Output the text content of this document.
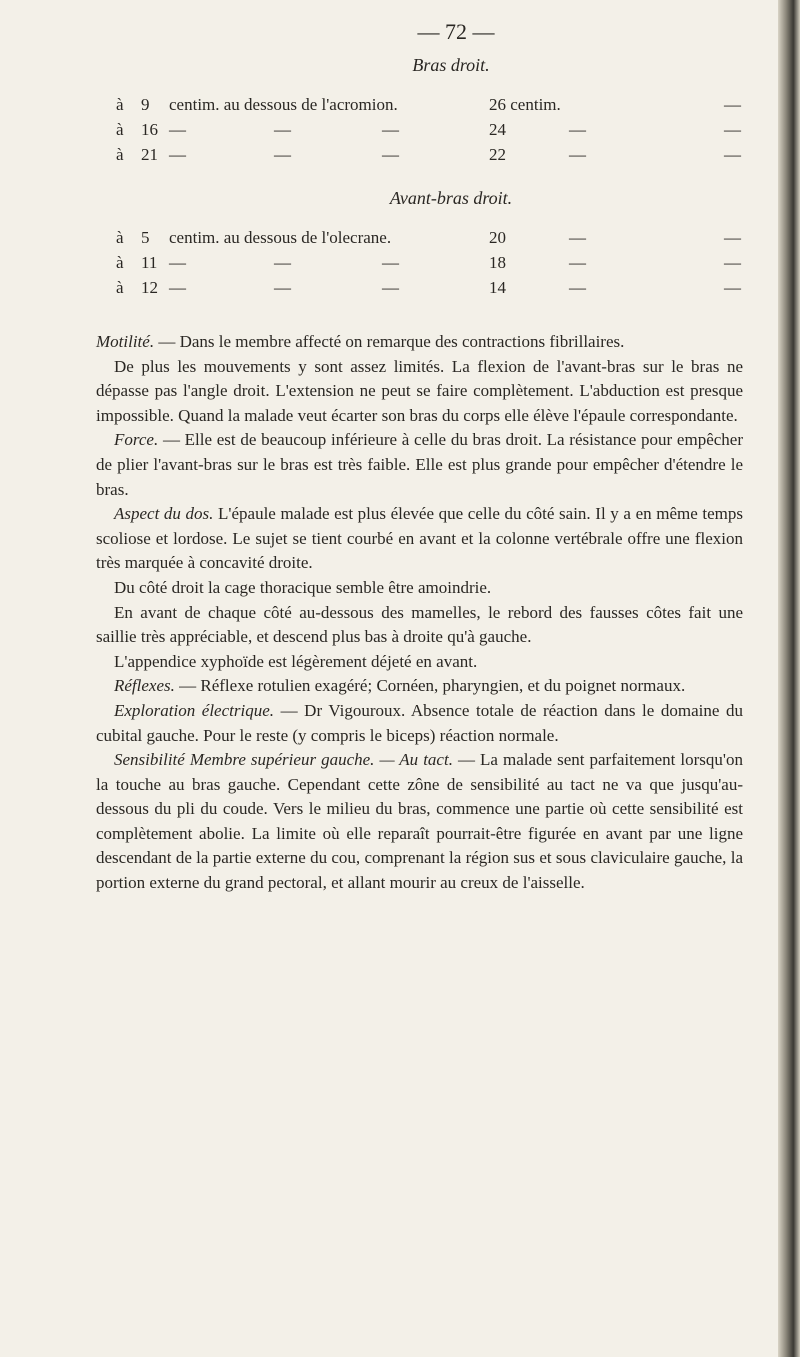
— 72 —
Bras droit.
à	9	centim. au dessous de l'acromion.	26 centim.	—
à	16 —	—	—	24	—	—
à	21 —	—	—	22	—	—
Avant-bras droit.
à	5	centim. au dessous de l'olecrane.	20	—	—
à	11 —	—	—	18	—	—
à	12 —	—	—	14	—	—

Motilité. — Dans le membre affecté on remarque des contractions fibrillaires.

De plus les mouvements y sont assez limités. La flexion de l'avant-bras sur le bras ne dépasse pas l'angle droit. L'extension ne peut se faire complètement. L'abduction est presque impossible. Quand la malade veut écarter son bras du corps elle élève l'épaule correspondante.

Force. — Elle est de beaucoup inférieure à celle du bras droit. La résistance pour empêcher de plier l'avant-bras sur le bras est très faible. Elle est plus grande pour empêcher d'étendre le bras.

Aspect du dos. L'épaule malade est plus élevée que celle du côté sain. Il y a en même temps scoliose et lordose. Le sujet se tient courbé en avant et la colonne vertébrale offre une flexion très marquée à concavité droite.

Du côté droit la cage thoracique semble être amoindrie.

En avant de chaque côté au-dessous des mamelles, le rebord des fausses côtes fait une saillie très appréciable, et descend plus bas à droite qu'à gauche.

L'appendice xyphoïde est légèrement déjeté en avant.

Réflexes. — Réflexe rotulien exagéré; Cornéen, pharyngien, et du poignet normaux.

Exploration électrique. — Dr Vigouroux. Absence totale de réaction dans le domaine du cubital gauche. Pour le reste (y compris le biceps) réaction normale.

Sensibilité Membre supérieur gauche. — Au tact. — La malade sent parfaitement lorsqu'on la touche au bras gauche. Cependant cette zône de sensibilité au tact ne va que jusqu'au-dessous du pli du coude. Vers le milieu du bras, commence une partie où cette sensibilité est complètement abolie. La limite où elle reparaît pourrait-être figurée en avant par une ligne descendant de la partie externe du cou, comprenant la région sus et sous claviculaire gauche, la portion externe du grand pectoral, et allant mourir au creux de l'aisselle.
